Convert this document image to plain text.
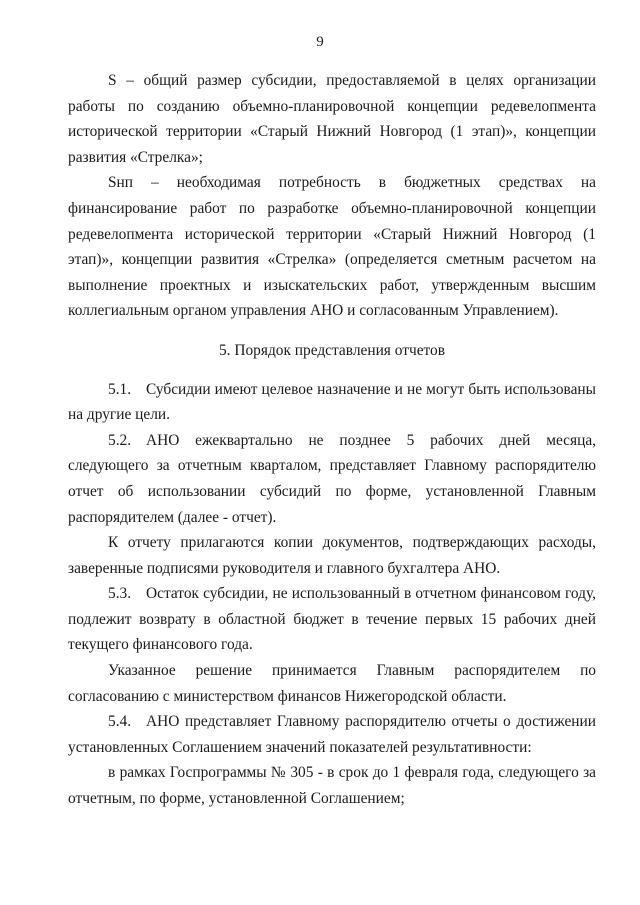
9

S – общий размер субсидии, предоставляемой в целях организации работы по созданию объемно-планировочной концепции редевелопмента исторической территории «Старый Нижний Новгород (1 этап)», концепции развития «Стрелка»;

Sнп – необходимая потребность в бюджетных средствах на финансирование работ по разработке объемно-планировочной концепции редевелопмента исторической территории «Старый Нижний Новгород (1 этап)», концепции развития «Стрелка» (определяется сметным расчетом на выполнение проектных и изыскательских работ, утвержденным высшим коллегиальным органом управления АНО и согласованным Управлением).

5. Порядок представления отчетов

5.1. Субсидии имеют целевое назначение и не могут быть использованы на другие цели.

5.2. АНО ежеквартально не позднее 5 рабочих дней месяца, следующего за отчетным кварталом, представляет Главному распорядителю отчет об использовании субсидий по форме, установленной Главным распорядителем (далее - отчет).

К отчету прилагаются копии документов, подтверждающих расходы, заверенные подписями руководителя и главного бухгалтера АНО.

5.3. Остаток субсидии, не использованный в отчетном финансовом году, подлежит возврату в областной бюджет в течение первых 15 рабочих дней текущего финансового года.

Указанное решение принимается Главным распорядителем по согласованию с министерством финансов Нижегородской области.

5.4. АНО представляет Главному распорядителю отчеты о достижении установленных Соглашением значений показателей результативности:

в рамках Госпрограммы № 305 - в срок до 1 февраля года, следующего за отчетным, по форме, установленной Соглашением;
